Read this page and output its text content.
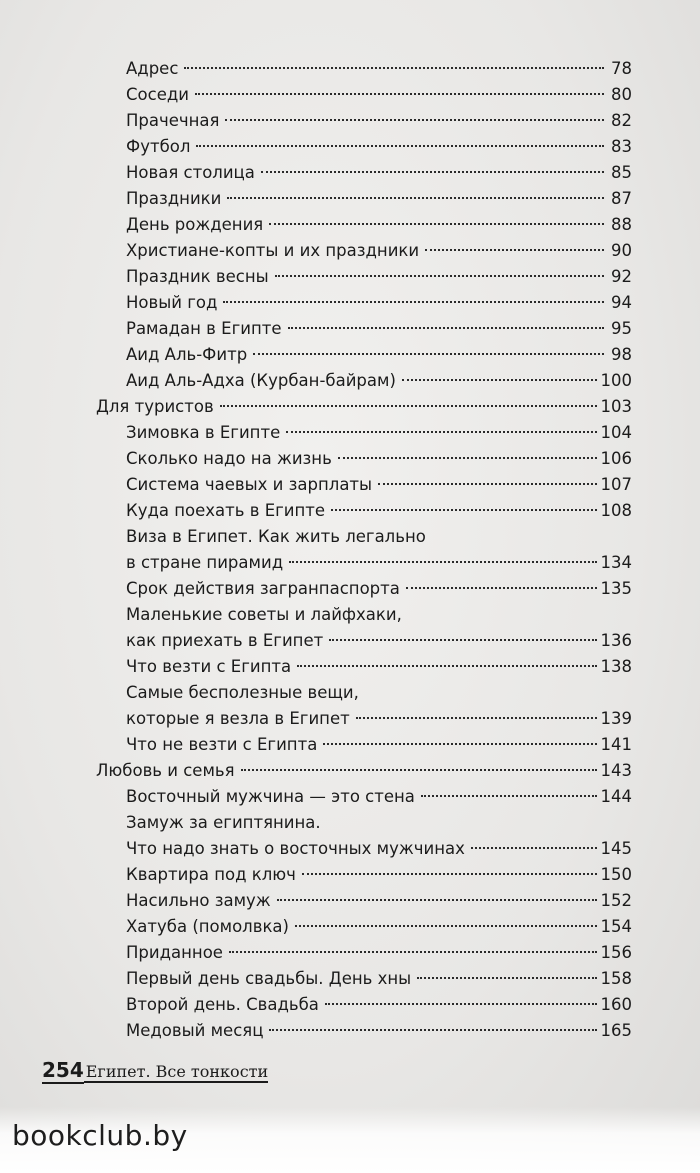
Адрес	78
Соседи	80
Прачечная	82
Футбол	83
Новая столица	85
Праздники	87
День рождения	88
Христиане-копты и их праздники	90
Праздник весны	92
Новый год	94
Рамадан в Египте	95
Аид Аль-Фитр	98
Аид Аль-Адха (Курбан-байрам)	100
Для туристов	103
Зимовка в Египте	104
Сколько надо на жизнь	106
Система чаевых и зарплаты	107
Куда поехать в Египте	108
Виза в Египет. Как жить легально
в стране пирамид	134
Срок действия загранпаспорта	135
Маленькие советы и лайфхаки,
как приехать в Египет	136
Что везти с Египта	138
Самые бесполезные вещи,
которые я везла в Египет	139
Что не везти с Египта	141
Любовь и семья	143
Восточный мужчина — это стена	144
Замуж за египтянина.
Что надо знать о восточных мужчинах	145
Квартира под ключ	150
Насильно замуж	152
Хатуба (помолвка)	154
Приданное	156
Первый день свадьбы. День хны	158
Второй день. Свадьба	160
Медовый месяц	165
254 Египет. Все тонкости
bookclub.by
